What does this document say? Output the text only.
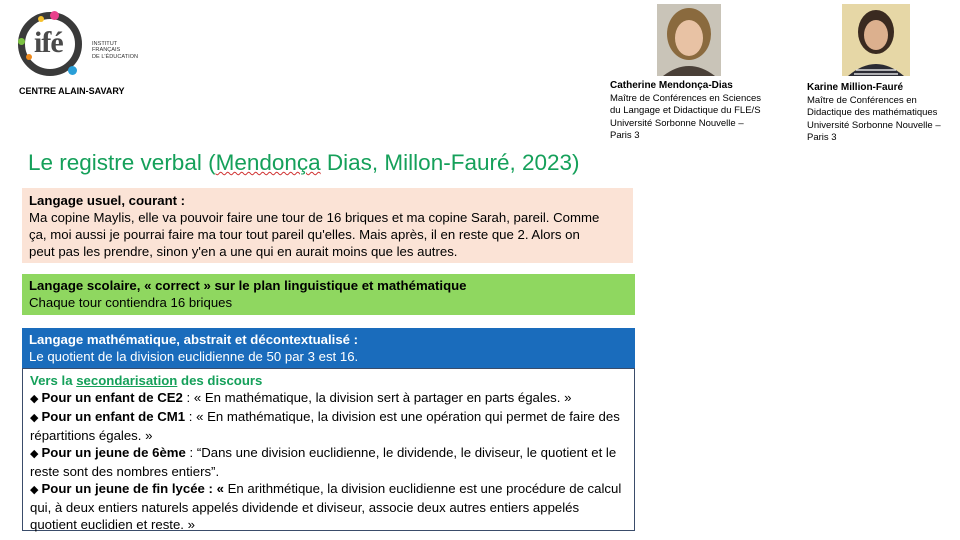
ifé	INSTITUT
FRANÇAIS
DE L'ÉDUCATION
CENTRE ALAIN-SAVARY	Catherine Mendonça-Dias
Maître de Conférences en Sciences
du Langage et Didactique du FLE/S
Université Sorbonne Nouvelle –
Paris 3
Karine Million-Fauré
Maître de Conférences en
Didactique des mathématiques
Université Sorbonne Nouvelle –
Paris 3
Le registre verbal (Mendonça Dias, Millon-Fauré, 2023)
Langage usuel, courant :
Ma copine Maylis, elle va pouvoir faire une tour de 16 briques et ma copine Sarah, pareil. Comme
ça, moi aussi je pourrai faire ma tour tout pareil qu'elles. Mais après, il en reste que 2. Alors on
peut pas les prendre, sinon y'en a une qui en aurait moins que les autres.
Langage scolaire, « correct » sur le plan linguistique et mathématique
Chaque tour contiendra 16 briques
Langage mathématique, abstrait et décontextualisé :
Le quotient de la division euclidienne de 50 par 3 est 16.
Vers la secondarisation des discours
◆ Pour un enfant de CE2 : « En mathématique, la division sert à partager en parts égales. »
◆ Pour un enfant de CM1 : « En mathématique, la division est une opération qui permet de faire des répartitions égales. »
◆ Pour un jeune de 6ème : “Dans une division euclidienne, le dividende, le diviseur, le quotient et le reste sont des nombres entiers”.
◆ Pour un jeune de fin lycée : « En arithmétique, la division euclidienne est une procédure de calcul qui, à deux entiers naturels appelés dividende et diviseur, associe deux autres entiers appelés quotient euclidien et reste. »
